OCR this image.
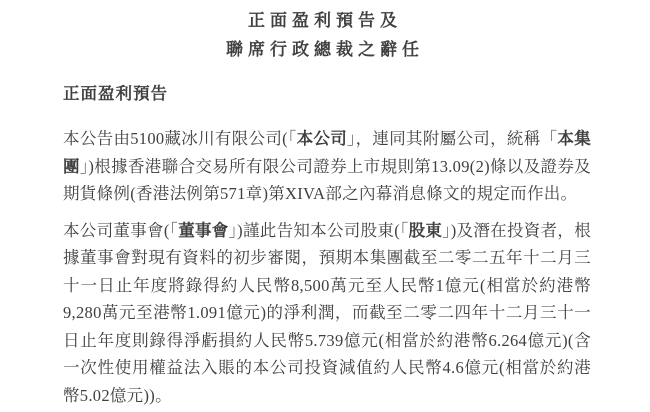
正面盈利預告及
聯席行政總裁之辭任
正面盈利預告

本公告由5100藏冰川有限公司(「本公司」，連同其附屬公司，統稱「本集團」)根據香港聯合交易所有限公司證券上市規則第13.09(2)條以及證券及期貨條例(香港法例第571章)第XIVA部之內幕消息條文的規定而作出。

本公司董事會(「董事會」)謹此告知本公司股東(「股東」)及潛在投資者，根據董事會對現有資料的初步審閱，預期本集團截至二零二五年十二月三十一日止年度將錄得約人民幣8,500萬元至人民幣1億元(相當於約港幣9,280萬元至港幣1.091億元)的淨利潤，而截至二零二四年十二月三十一日止年度則錄得淨虧損約人民幣5.739億元(相當於約港幣6.264億元)(含一次性使用權益法入賬的本公司投資減值約人民幣4.6億元(相當於約港幣5.02億元))。
